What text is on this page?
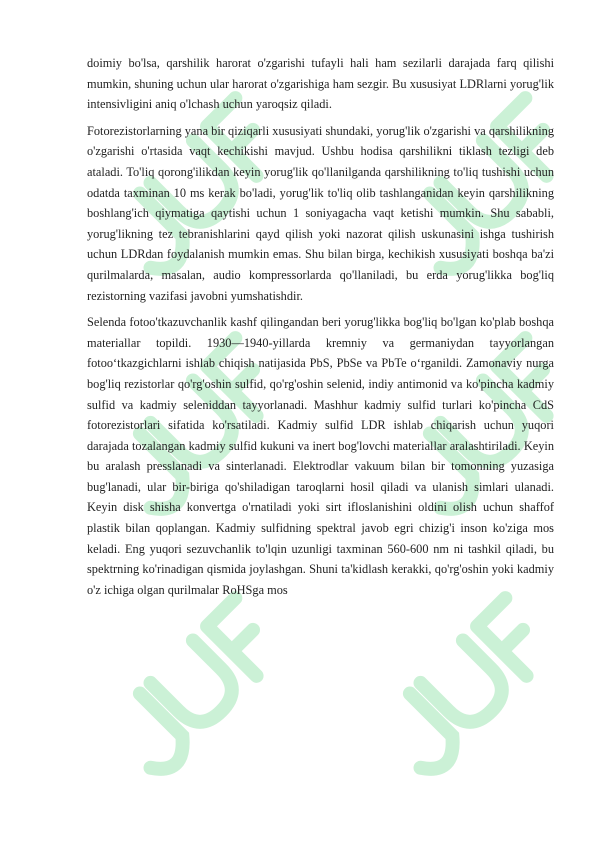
doimiy bo'lsa, qarshilik harorat o'zgarishi tufayli hali ham sezilarli darajada farq qilishi mumkin, shuning uchun ular harorat o'zgarishiga ham sezgir. Bu xususiyat LDRlarni yorug'lik intensivligini aniq o'lchash uchun yaroqsiz qiladi.

Fotorezistorlarning yana bir qiziqarli xususiyati shundaki, yorug'lik o'zgarishi va qarshilikning o'zgarishi o'rtasida vaqt kechikishi mavjud. Ushbu hodisa qarshilikni tiklash tezligi deb ataladi. To'liq qorong'ilikdan keyin yorug'lik qo'llanilganda qarshilikning to'liq tushishi uchun odatda taxminan 10 ms kerak bo'ladi, yorug'lik to'liq olib tashlanganidan keyin qarshilikning boshlang'ich qiymatiga qaytishi uchun 1 soniyagacha vaqt ketishi mumkin. Shu sababli, yorug'likning tez tebranishlarini qayd qilish yoki nazorat qilish uskunasini ishga tushirish uchun LDRdan foydalanish mumkin emas. Shu bilan birga, kechikish xususiyati boshqa ba'zi qurilmalarda, masalan, audio kompressorlarda qo'llaniladi, bu erda yorug'likka bog'liq rezistorning vazifasi javobni yumshatishdir.

Selenda fotoo'tkazuvchanlik kashf qilingandan beri yorug'likka bog'liq bo'lgan ko'plab boshqa materiallar topildi. 1930—1940-yillarda kremniy va germaniydan tayyorlangan fotoo‘tkazgichlarni ishlab chiqish natijasida PbS, PbSe va PbTe o‘rganildi. Zamonaviy nurga bog'liq rezistorlar qo'rg'oshin sulfid, qo'rg'oshin selenid, indiy antimonid va ko'pincha kadmiy sulfid va kadmiy seleniddan tayyorlanadi. Mashhur kadmiy sulfid turlari ko'pincha CdS fotorezistorlari sifatida ko'rsatiladi. Kadmiy sulfid LDR ishlab chiqarish uchun yuqori darajada tozalangan kadmiy sulfid kukuni va inert bog'lovchi materiallar aralashtiriladi. Keyin bu aralash presslanadi va sinterlanadi. Elektrodlar vakuum bilan bir tomonning yuzasiga bug'lanadi, ular bir-biriga qo'shiladigan taroqlarni hosil qiladi va ulanish simlari ulanadi. Keyin disk shisha konvertga o'rnatiladi yoki sirt ifloslanishini oldini olish uchun shaffof plastik bilan qoplangan. Kadmiy sulfidning spektral javob egri chizig'i inson ko'ziga mos keladi. Eng yuqori sezuvchanlik to'lqin uzunligi taxminan 560-600 nm ni tashkil qiladi, bu spektrning ko'rinadigan qismida joylashgan. Shuni ta'kidlash kerakki, qo'rg'oshin yoki kadmiy o'z ichiga olgan qurilmalar RoHSga mos
